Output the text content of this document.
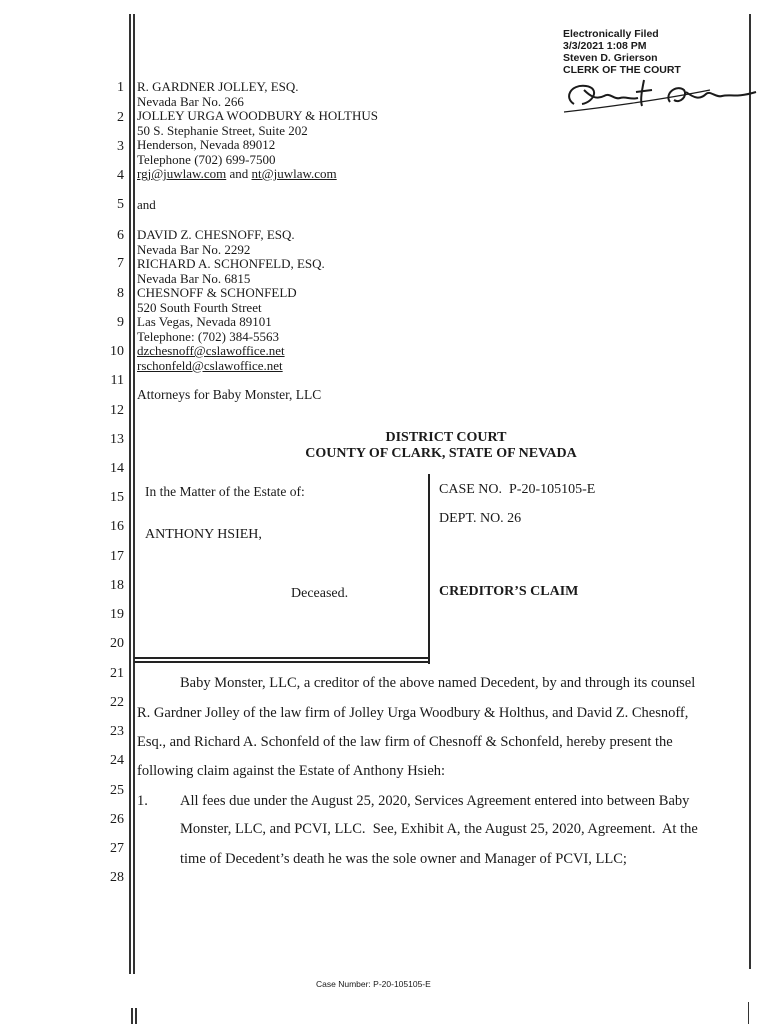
Electronically Filed
3/3/2021 1:08 PM
Steven D. Grierson
CLERK OF THE COURT
1
2
3
4
5
6
7
8
9
10
11
12
13
14
15
16
17
18
19
20
21
22
23
24
25
26
27
28
R. GARDNER JOLLEY, ESQ.
Nevada Bar No. 266
JOLLEY URGA WOODBURY & HOLTHUS
50 S. Stephanie Street, Suite 202
Henderson, Nevada 89012
Telephone (702) 699-7500
rgj@juwlaw.com and nt@juwlaw.com
and
DAVID Z. CHESNOFF, ESQ.
Nevada Bar No. 2292
RICHARD A. SCHONFELD, ESQ.
Nevada Bar No. 6815
CHESNOFF & SCHONFELD
520 South Fourth Street
Las Vegas, Nevada 89101
Telephone: (702) 384-5563
dzchesnoff@cslawoffice.net
rschonfeld@cslawoffice.net
Attorneys for Baby Monster, LLC
DISTRICT COURT
COUNTY OF CLARK, STATE OF NEVADA
In the Matter of the Estate of:
ANTHONY HSIEH,
Deceased.
CASE NO.  P-20-105105-E
DEPT. NO. 26
CREDITOR’S CLAIM
Baby Monster, LLC, a creditor of the above named Decedent, by and through its counsel
R. Gardner Jolley of the law firm of Jolley Urga Woodbury & Holthus, and David Z. Chesnoff,
Esq., and Richard A. Schonfeld of the law firm of Chesnoff & Schonfeld, hereby present the
following claim against the Estate of Anthony Hsieh:
1. All fees due under the August 25, 2020, Services Agreement entered into between Baby
Monster, LLC, and PCVI, LLC.  See, Exhibit A, the August 25, 2020, Agreement.  At the
time of Decedent’s death he was the sole owner and Manager of PCVI, LLC;
Case Number: P-20-105105-E
